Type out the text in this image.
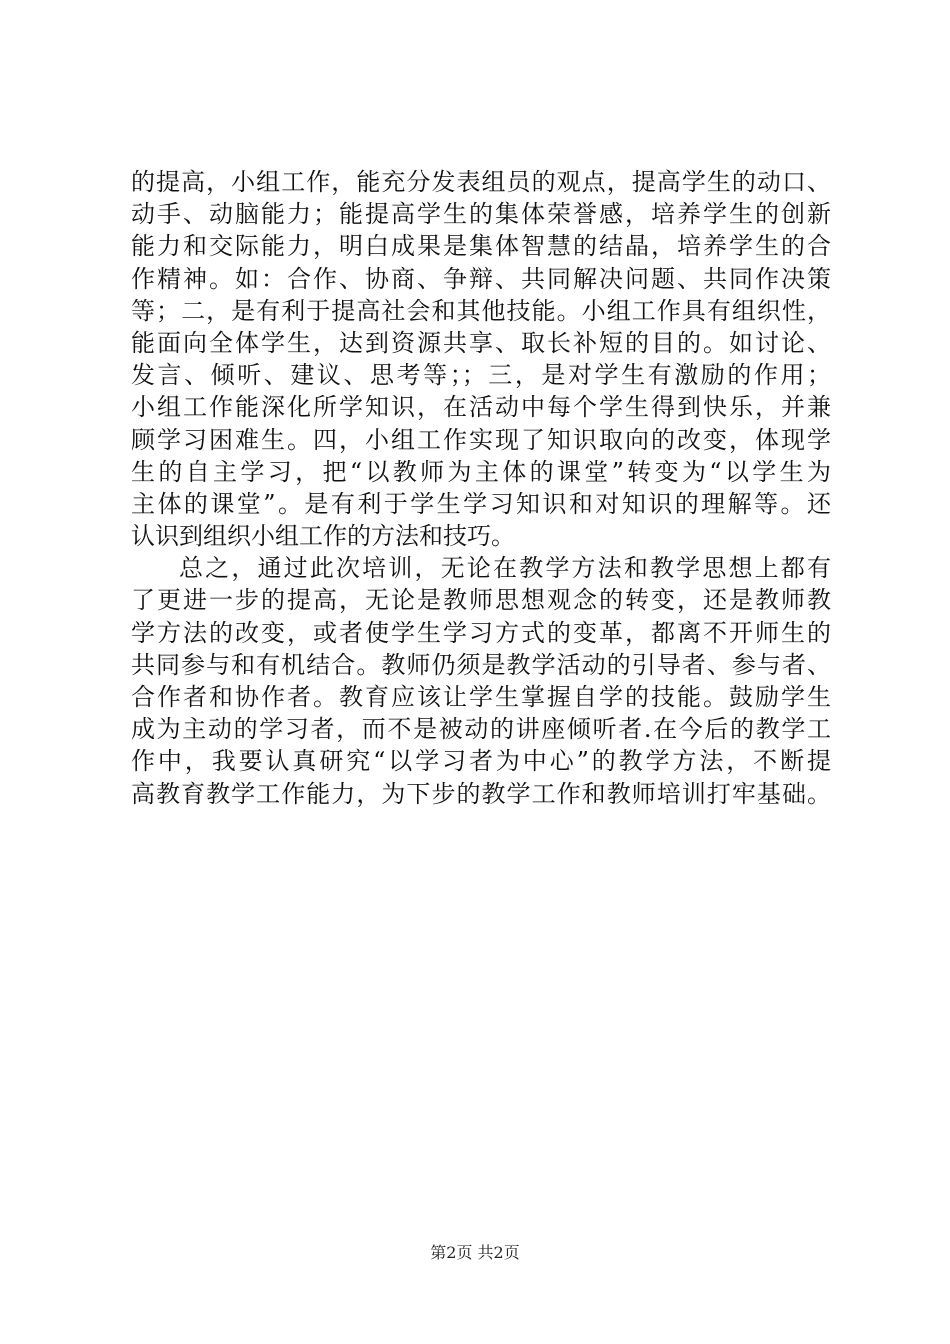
的提高，小组工作，能充分发表组员的观点，提高学生的动口、
动手、动脑能力；能提高学生的集体荣誉感，培养学生的创新
能力和交际能力，明白成果是集体智慧的结晶，培养学生的合
作精神。如：合作、协商、争辩、共同解决问题、共同作决策
等；二，是有利于提高社会和其他技能。小组工作具有组织性，
能面向全体学生，达到资源共享、取长补短的目的。如讨论、
发言、倾听、建议、思考等；；三，是对学生有激励的作用；
小组工作能深化所学知识，在活动中每个学生得到快乐，并兼
顾学习困难生。四，小组工作实现了知识取向的改变，体现学
生的自主学习，把“以教师为主体的课堂”转变为“以学生为
主体的课堂”。是有利于学生学习知识和对知识的理解等。还
认识到组织小组工作的方法和技巧。
总之，通过此次培训，无论在教学方法和教学思想上都有
了更进一步的提高，无论是教师思想观念的转变，还是教师教
学方法的改变，或者使学生学习方式的变革，都离不开师生的
共同参与和有机结合。教师仍须是教学活动的引导者、参与者、
合作者和协作者。教育应该让学生掌握自学的技能。鼓励学生
成为主动的学习者，而不是被动的讲座倾听者.在今后的教学工
作中，我要认真研究“以学习者为中心”的教学方法，不断提
高教育教学工作能力，为下步的教学工作和教师培训打牢基础。
第2页 共2页
